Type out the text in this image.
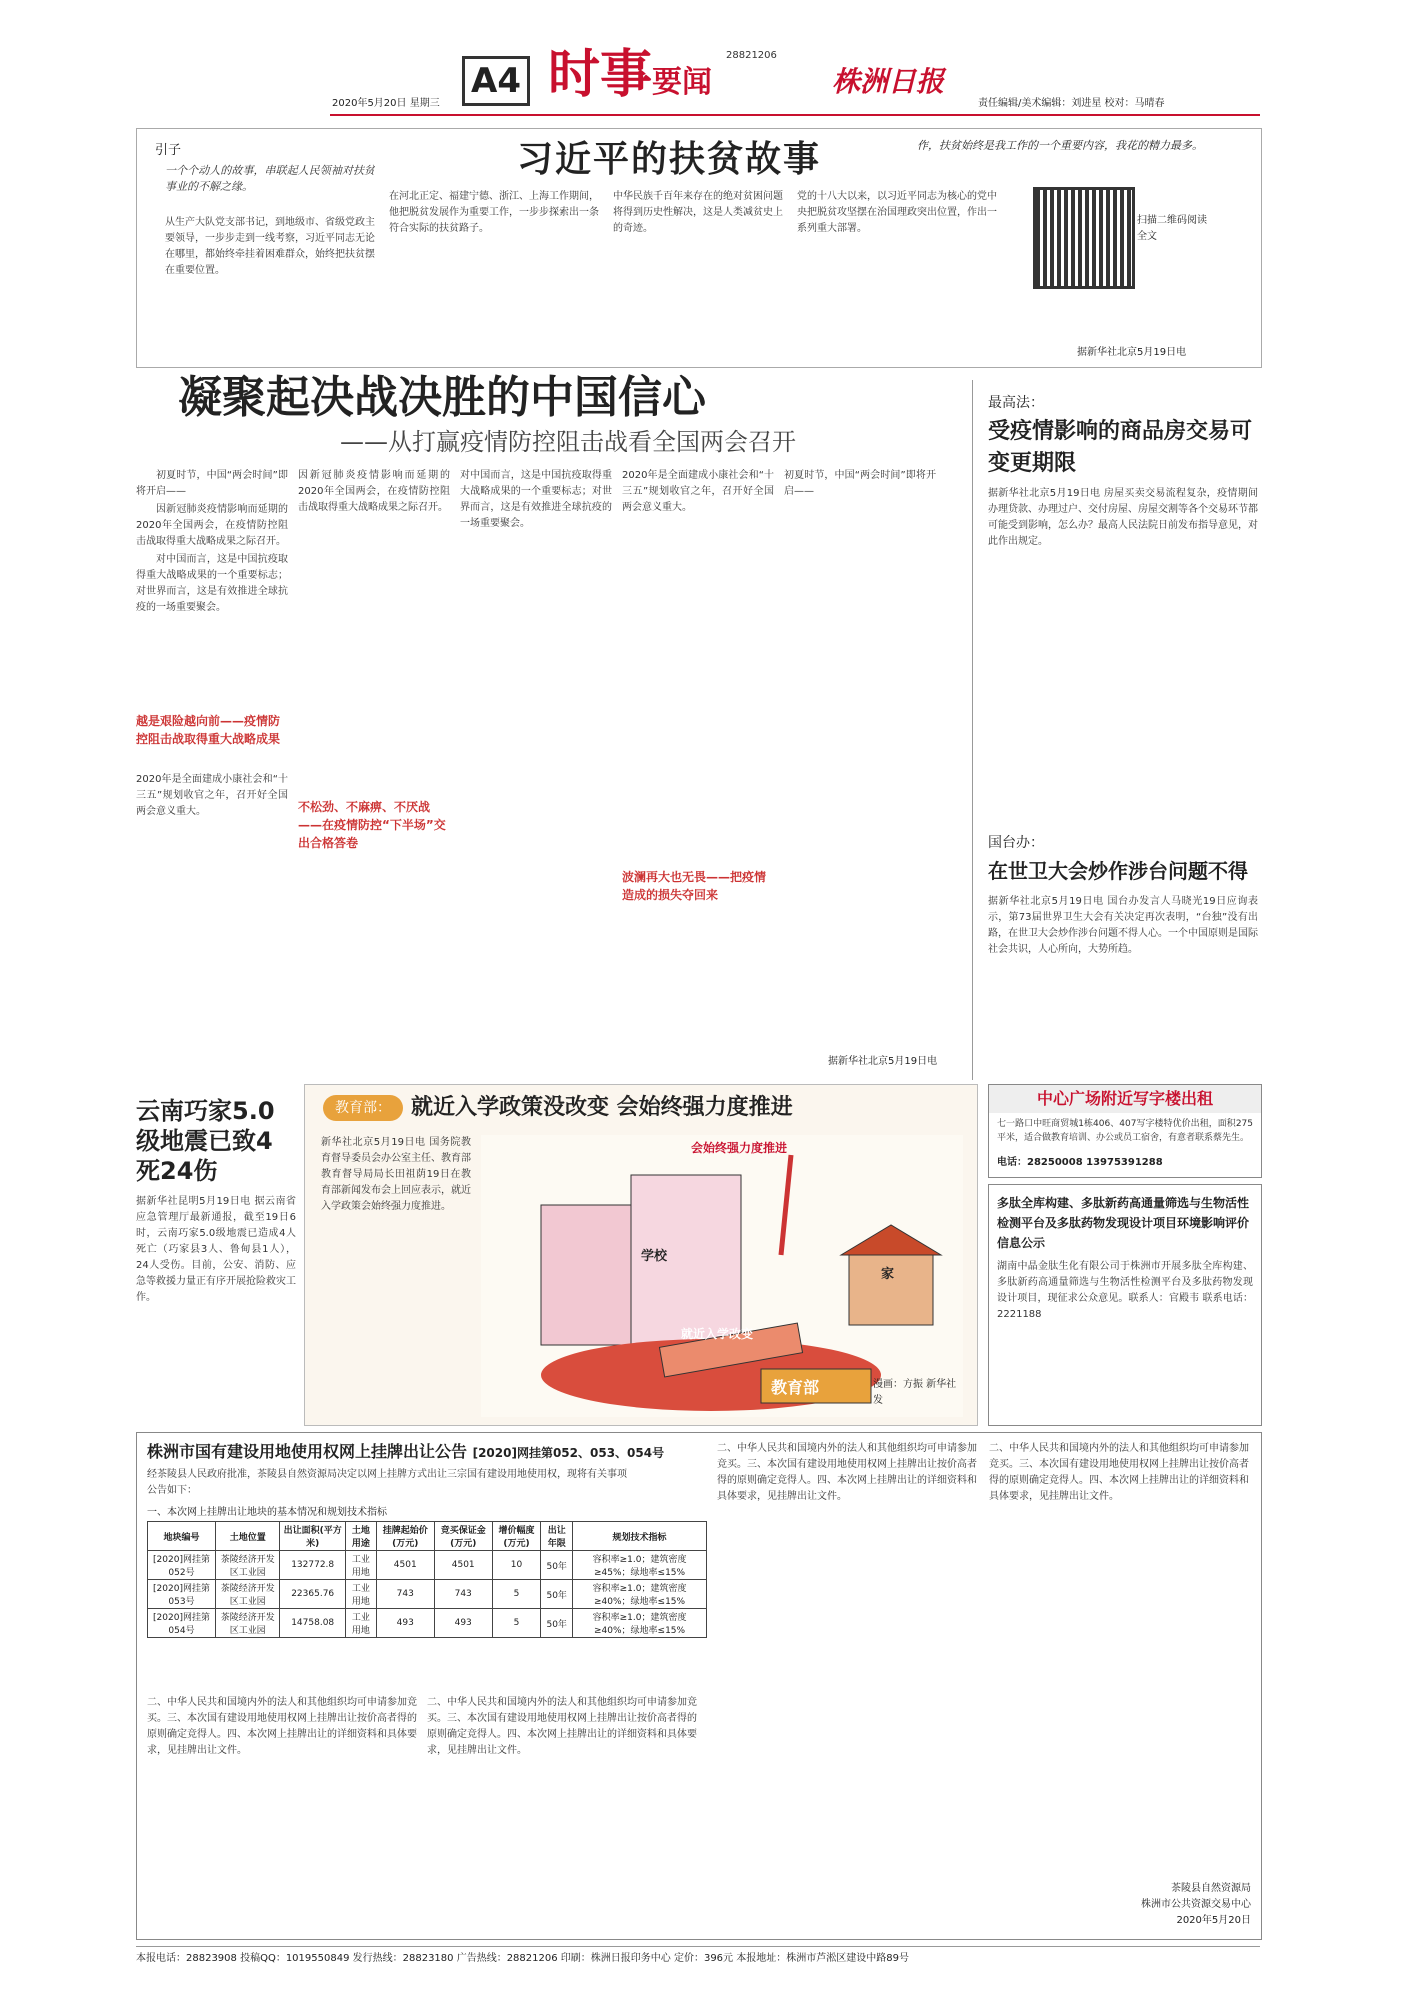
A4
2020年5月20日 星期三	时事要闻
28821206
株洲日报
责任编辑/美术编辑：刘进星 校对：马晴春
引子	习近平的扶贫故事	作，扶贫始终是我工作的一个重要内容，我花的精力最多。
一个个动人的故事，串联起人民领袖对扶贫事业的不解之缘。
从生产大队党支部书记，到地级市、省级党政主要领导，一步步走到一线考察，习近平同志无论在哪里，都始终牵挂着困难群众，始终把扶贫摆在重要位置。
在河北正定、福建宁德、浙江、上海工作期间，他把脱贫发展作为重要工作，一步步探索出一条符合实际的扶贫路子。
中华民族千百年来存在的绝对贫困问题将得到历史性解决，这是人类减贫史上的奇迹。
党的十八大以来，以习近平同志为核心的党中央把脱贫攻坚摆在治国理政突出位置，作出一系列重大部署。
扫描二维码阅读全文
据新华社北京5月19日电
凝聚起决战决胜的中国信心
——从打赢疫情防控阻击战看全国两会召开

初夏时节，中国“两会时间”即将开启——

因新冠肺炎疫情影响而延期的2020年全国两会，在疫情防控阻击战取得重大战略成果之际召开。

对中国而言，这是中国抗疫取得重大战略成果的一个重要标志；对世界而言，这是有效推进全球抗疫的一场重要聚会。

越是艰险越向前——疫情防控阻击战取得重大战略成果
2020年是全面建成小康社会和“十三五”规划收官之年，召开好全国两会意义重大。
因新冠肺炎疫情影响而延期的2020年全国两会，在疫情防控阻击战取得重大战略成果之际召开。
不松劲、不麻痹、不厌战——在疫情防控“下半场”交出合格答卷
对中国而言，这是中国抗疫取得重大战略成果的一个重要标志；对世界而言，这是有效推进全球抗疫的一场重要聚会。
2020年是全面建成小康社会和“十三五”规划收官之年，召开好全国两会意义重大。
波澜再大也无畏——把疫情造成的损失夺回来
初夏时节，中国“两会时间”即将开启——
据新华社北京5月19日电
最高法：
受疫情影响的商品房交易可变更期限
据新华社北京5月19日电 房屋买卖交易流程复杂，疫情期间办理贷款、办理过户、交付房屋、房屋交割等各个交易环节都可能受到影响，怎么办？最高人民法院日前发布指导意见，对此作出规定。
国台办：
在世卫大会炒作涉台问题不得
据新华社北京5月19日电 国台办发言人马晓光19日应询表示，第73届世界卫生大会有关决定再次表明，“台独”没有出路，在世卫大会炒作涉台问题不得人心。一个中国原则是国际社会共识，人心所向，大势所趋。
云南巧家5.0级地震已致4死24伤
据新华社昆明5月19日电 据云南省应急管理厅最新通报，截至19日6时，云南巧家5.0级地震已造成4人死亡（巧家县3人、鲁甸县1人），24人受伤。目前，公安、消防、应急等救援力量正有序开展抢险救灾工作。
教育部： 就近入学政策没改变 会始终强力度推进
新华社北京5月19日电 国务院教育督导委员会办公室主任、教育部教育督导局局长田祖荫19日在教育部新闻发布会上回应表示，就近入学政策会始终强力度推进。
会始终强力度推进
学校
家
就近入学改变
教育部	漫画：方振 新华社发
中心广场附近写字楼出租
七一路口中旺商贸城1栋406、407写字楼特优价出租，面积275平米，适合做教育培训、办公或员工宿舍，有意者联系蔡先生。
电话：28250008 13975391288
多肽全库构建、多肽新药高通量筛选与生物活性检测平台及多肽药物发现设计项目环境影响评价信息公示
湖南中晶金肽生化有限公司于株洲市开展多肽全库构建、多肽新药高通量筛选与生物活性检测平台及多肽药物发现设计项目，现征求公众意见。联系人：官殿韦 联系电话：2221188
株洲市国有建设用地使用权网上挂牌出让公告 [2020]网挂第052、053、054号
经茶陵县人民政府批准，茶陵县自然资源局决定以网上挂牌方式出让三宗国有建设用地使用权，现将有关事项公告如下：
一、本次网上挂牌出让地块的基本情况和规划技术指标
地块编号	土地位置	出让面积(平方米)	土地用途	挂牌起始价(万元)	竞买保证金(万元)	增价幅度(万元)	出让年限	规划技术指标
[2020]网挂第052号	茶陵经济开发区工业园	132772.8	工业用地	4501	4501	10	50年	容积率≥1.0；建筑密度≥45%；绿地率≤15%
[2020]网挂第053号	茶陵经济开发区工业园	22365.76	工业用地	743	743	5	50年	容积率≥1.0；建筑密度≥40%；绿地率≤15%
[2020]网挂第054号	茶陵经济开发区工业园	14758.08	工业用地	493	493	5	50年	容积率≥1.0；建筑密度≥40%；绿地率≤15%
二、中华人民共和国境内外的法人和其他组织均可申请参加竞买。三、本次国有建设用地使用权网上挂牌出让按价高者得的原则确定竞得人。四、本次网上挂牌出让的详细资料和具体要求，见挂牌出让文件。
二、中华人民共和国境内外的法人和其他组织均可申请参加竞买。三、本次国有建设用地使用权网上挂牌出让按价高者得的原则确定竞得人。四、本次网上挂牌出让的详细资料和具体要求，见挂牌出让文件。
二、中华人民共和国境内外的法人和其他组织均可申请参加竞买。三、本次国有建设用地使用权网上挂牌出让按价高者得的原则确定竞得人。四、本次网上挂牌出让的详细资料和具体要求，见挂牌出让文件。
二、中华人民共和国境内外的法人和其他组织均可申请参加竞买。三、本次国有建设用地使用权网上挂牌出让按价高者得的原则确定竞得人。四、本次网上挂牌出让的详细资料和具体要求，见挂牌出让文件。
茶陵县自然资源局
株洲市公共资源交易中心
2020年5月20日
本报电话：28823908 投稿QQ：1019550849 发行热线：28823180 广告热线：28821206 印刷：株洲日报印务中心 定价：396元 本报地址：株洲市芦淞区建设中路89号
